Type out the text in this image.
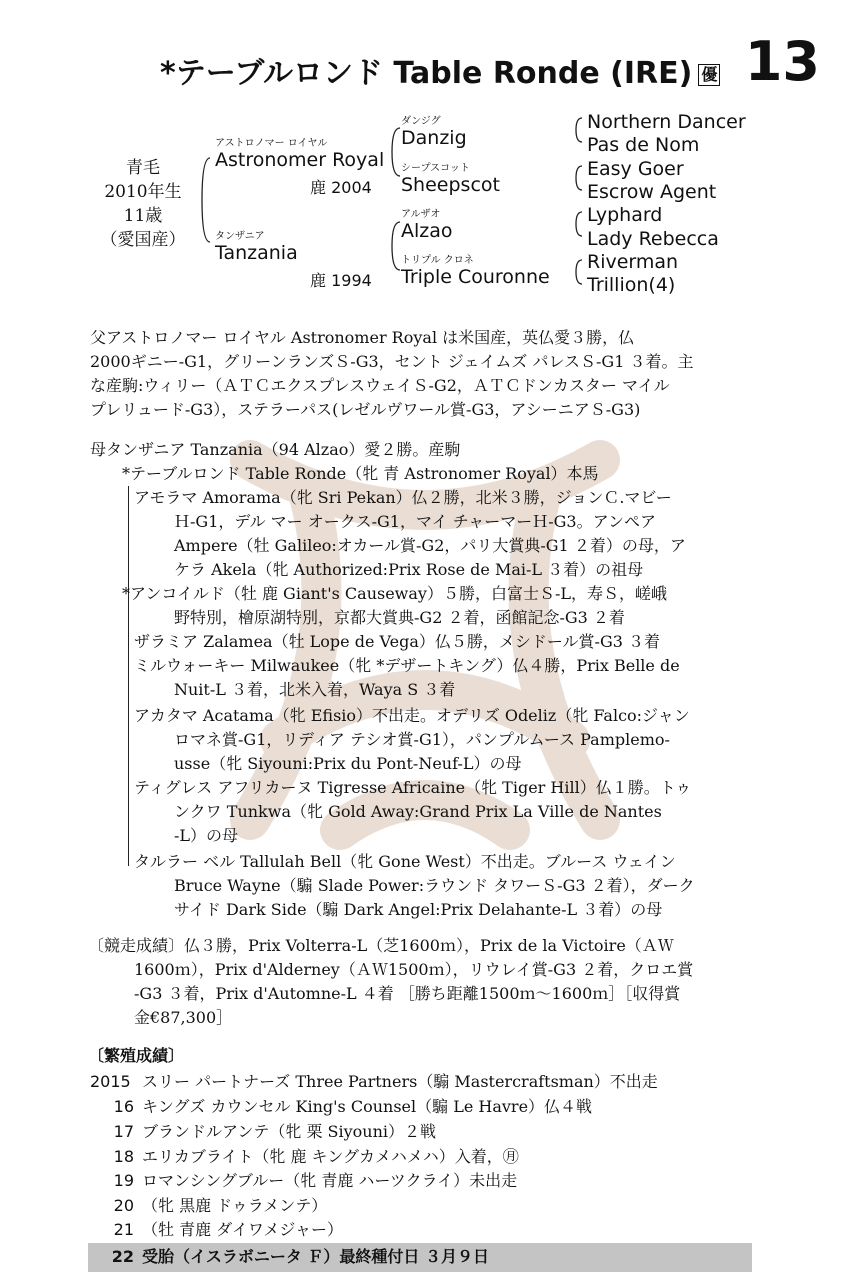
*テーブルロンド Table Ronde (IRE) 優 13
青毛
2010年生
11歳
（愛国産）
アストロノマー ロイヤル
Astronomer Royal
鹿 2004
タンザニア
Tanzania
鹿 1994
ダンジグ
Danzig
シープスコット
Sheepscot
アルザオ
Alzao
トリプル クロネ
Triple Couronne
Northern Dancer
Pas de Nom
Easy Goer
Escrow Agent
Lyphard
Lady Rebecca
Riverman
Trillion(4)
父アストロノマー ロイヤル Astronomer Royal は米国産，英仏愛３勝，仏
2000ギニー-G1，グリーンランズＳ-G3，セント ジェイムズ パレスＳ-G1 ３着。主
な産駒:ウィリー（ＡＴＣエクスプレスウェイＳ-G2，ＡＴＣドンカスター マイル
プレリュード-G3），ステラーパス(レゼルヴワール賞-G3，アシーニアＳ-G3)
母タンザニア Tanzania（94 Alzao）愛２勝。産駒
*テーブルロンド Table Ronde（牝 青 Astronomer Royal）本馬
アモラマ Amorama（牝 Sri Pekan）仏２勝，北米３勝，ジョンＣ.マビー
Ｈ-G1，デル マー オークス-G1，マイ チャーマーＨ-G3。アンペア
Ampere（牡 Galileo:オカール賞-G2，パリ大賞典-G1 ２着）の母，ア
ケラ Akela（牝 Authorized:Prix Rose de Mai-L ３着）の祖母
*アンコイルド（牡 鹿 Giant's Causeway）５勝，白富士Ｓ-L，寿Ｓ，嵯峨
野特別，檜原湖特別，京都大賞典-G2 ２着，函館記念-G3 ２着
ザラミア Zalamea（牡 Lope de Vega）仏５勝，メシドール賞-G3 ３着
ミルウォーキー Milwaukee（牝 *デザートキング）仏４勝，Prix Belle de
Nuit-L ３着，北米入着，Waya S ３着
アカタマ Acatama（牝 Efisio）不出走。オデリズ Odeliz（牝 Falco:ジャン
ロマネ賞-G1，リディア テシオ賞-G1），パンプルムース Pamplemo-
usse（牝 Siyouni:Prix du Pont-Neuf-L）の母
ティグレス アフリカーヌ Tigresse Africaine（牝 Tiger Hill）仏１勝。トゥ
ンクワ Tunkwa（牝 Gold Away:Grand Prix La Ville de Nantes
-L）の母
タルラー ベル Tallulah Bell（牝 Gone West）不出走。ブルース ウェイン
Bruce Wayne（騸 Slade Power:ラウンド タワーＳ-G3 ２着），ダーク
サイド Dark Side（騸 Dark Angel:Prix Delahante-L ３着）の母
〔競走成績〕仏３勝，Prix Volterra-L（芝1600ｍ），Prix de la Victoire（ＡＷ
1600ｍ），Prix d'Alderney（ＡＷ1500ｍ），リウレイ賞-G3 ２着，クロエ賞
-G3 ３着，Prix d'Automne-L ４着 ［勝ち距離1500ｍ〜1600ｍ］［収得賞
金€87,300］
〔繁殖成績〕
2015 スリー パートナーズ Three Partners（騸 Mastercraftsman）不出走
16 キングズ カウンセル King's Counsel（騸 Le Havre）仏４戦
17 ブランドルアンテ（牝 栗 Siyouni）２戦
18 エリカブライト（牝 鹿 キングカメハメハ）入着，㊊
19 ロマンシングブルー（牝 青鹿 ハーツクライ）未出走
20 （牝 黒鹿 ドゥラメンテ）
21 （牡 青鹿 ダイワメジャー）
22 受胎（イスラボニータ Ｆ）最終種付日 ３月９日
